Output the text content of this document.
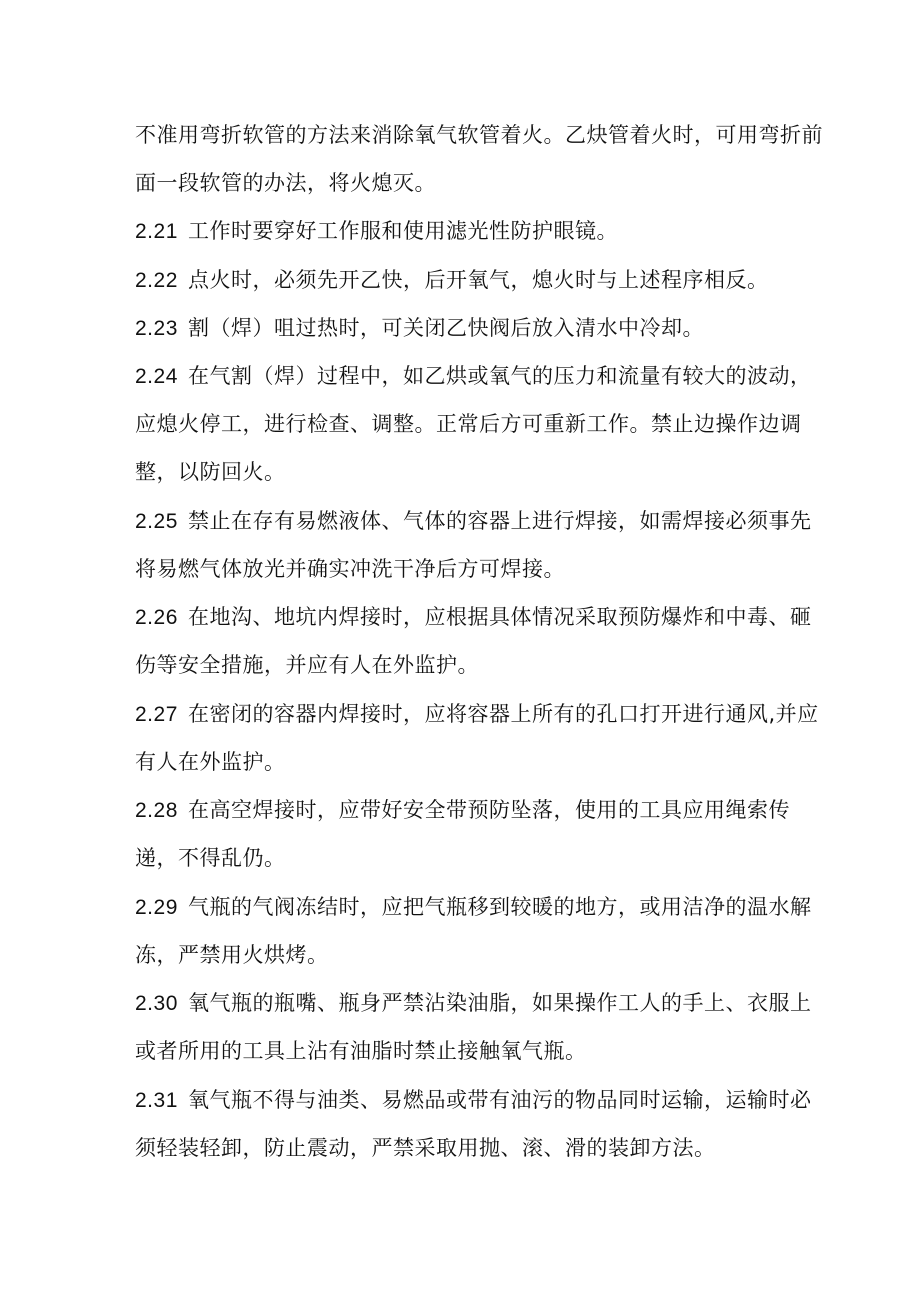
不准用弯折软管的方法来消除氧气软管着火。乙炔管着火时，可用弯折前
面一段软管的办法，将火熄灭。
2.21 工作时要穿好工作服和使用滤光性防护眼镜。
2.22 点火时，必须先开乙快，后开氧气，熄火时与上述程序相反。
2.23 割（焊）咀过热时，可关闭乙快阀后放入清水中冷却。
2.24 在气割（焊）过程中，如乙烘或氧气的压力和流量有较大的波动，
应熄火停工，进行检查、调整。正常后方可重新工作。禁止边操作边调
整，以防回火。
2.25 禁止在存有易燃液体、气体的容器上进行焊接，如需焊接必须事先
将易燃气体放光并确实冲洗干净后方可焊接。
2.26 在地沟、地坑内焊接时，应根据具体情况采取预防爆炸和中毒、砸
伤等安全措施，并应有人在外监护。
2.27 在密闭的容器内焊接时，应将容器上所有的孔口打开进行通风,并应
有人在外监护。
2.28 在高空焊接时，应带好安全带预防坠落，使用的工具应用绳索传
递，不得乱仍。
2.29 气瓶的气阀冻结时，应把气瓶移到较暖的地方，或用洁净的温水解
冻，严禁用火烘烤。
2.30 氧气瓶的瓶嘴、瓶身严禁沾染油脂，如果操作工人的手上、衣服上
或者所用的工具上沾有油脂时禁止接触氧气瓶。
2.31 氧气瓶不得与油类、易燃品或带有油污的物品同时运输，运输时必
须轻装轻卸，防止震动，严禁采取用抛、滚、滑的装卸方法。
